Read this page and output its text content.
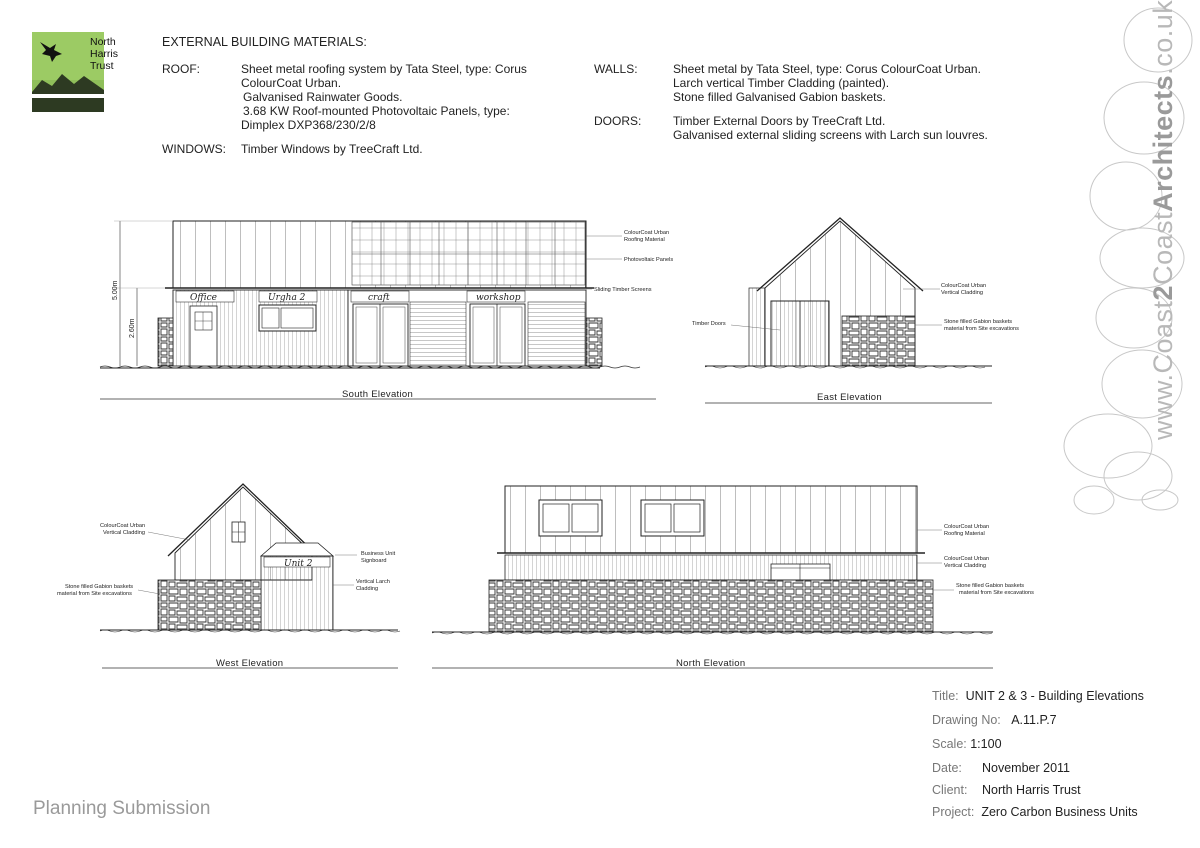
North
Harris
Trust
EXTERNAL BUILDING MATERIALS:
ROOF:	Sheet metal roofing system by Tata Steel, type: Corus
ColourCoat Urban.
Galvanised Rainwater Goods.
3.68 KW Roof-mounted Photovoltaic Panels, type:
Dimplex DXP368/230/2/8
WINDOWS: Timber Windows by TreeCraft Ltd.
WALLS:	Sheet metal by Tata Steel, type: Corus ColourCoat Urban.
Larch vertical Timber Cladding (painted).
Stone filled Galvanised Gabion baskets.
DOORS:	Timber External Doors by TreeCraft Ltd.
Galvanised external sliding screens with Larch sun louvres.
www.Coast2CoastArchitects.co.uk
Office	Urgha 2	craft	workshop
5.00m
2.60m
ColourCoat Urban
Roofing Material
Photovoltaic Panels
Sliding Timber Screens
South Elevation
ColourCoat Urban
Vertical Cladding
Timber Doors	Stone filled Gabion baskets
material from Site excavations
East Elevation
Unit 2
ColourCoat Urban
Vertical Cladding
Business Unit
Signboard
Vertical Larch
Cladding
Stone filled Gabion baskets
material from Site excavations
West Elevation
ColourCoat Urban
Roofing Material
ColourCoat Urban
Vertical Cladding
Stone filled Gabion baskets
material from Site excavations
North Elevation
Title: UNIT 2 & 3 - Building Elevations
Drawing No: A.11.P.7
Scale: 1:100
Date: November 2011
Client: North Harris Trust
Project: Zero Carbon Business Units
Planning Submission
